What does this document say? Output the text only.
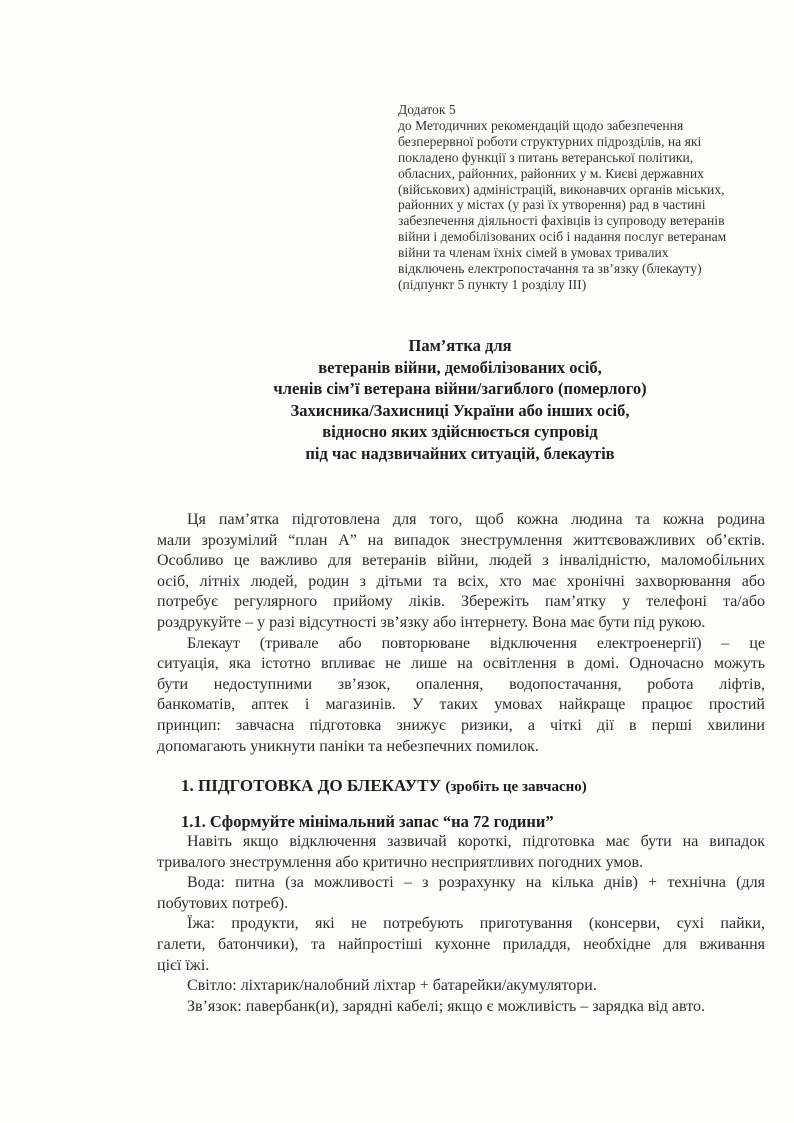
Додаток 5
до Методичних рекомендацій щодо забезпечення
безперервної роботи структурних підрозділів, на які
покладено функції з питань ветеранської політики,
обласних, районних, районних у м. Києві державних
(військових) адміністрацій, виконавчих органів міських,
районних у містах (у разі їх утворення) рад в частині
забезпечення діяльності фахівців із супроводу ветеранів
війни і демобілізованих осіб і надання послуг ветеранам
війни та членам їхніх сімей в умовах тривалих
відключень електропостачання та зв’язку (блекауту)
(підпункт 5 пункту 1 розділу ІІІ)
Пам’ятка для
ветеранів війни, демобілізованих осіб,
членів сім’ї ветерана війни/загиблого (померлого)
Захисника/Захисниці України або інших осіб,
відносно яких здійснюється супровід
під час надзвичайних ситуацій, блекаутів
Ця пам’ятка підготовлена для того, щоб кожна людина та кожна родина
мали зрозумілий “план А” на випадок знеструмлення життєвоважливих об’єктів.
Особливо це важливо для ветеранів війни, людей з інвалідністю, маломобільних
осіб, літніх людей, родин з дітьми та всіх, хто має хронічні захворювання або
потребує регулярного прийому ліків. Збережіть пам’ятку у телефоні та/або
роздрукуйте – у разі відсутності зв’язку або інтернету. Вона має бути під рукою.
Блекаут (тривале або повторюване відключення електроенергії) – це
ситуація, яка істотно впливає не лише на освітлення в домі. Одночасно можуть
бути недоступними зв’язок, опалення, водопостачання, робота ліфтів,
банкоматів, аптек і магазинів. У таких умовах найкраще працює простий
принцип: завчасна підготовка знижує ризики, а чіткі дії в перші хвилини
допомагають уникнути паніки та небезпечних помилок.
1. ПІДГОТОВКА ДО БЛЕКАУТУ (зробіть це завчасно)
1.1. Сформуйте мінімальний запас “на 72 години”
Навіть якщо відключення зазвичай короткі, підготовка має бути на випадок
тривалого знеструмлення або критично несприятливих погодних умов.
Вода: питна (за можливості – з розрахунку на кілька днів) + технічна (для
побутових потреб).
Їжа: продукти, які не потребують приготування (консерви, сухі пайки,
галети, батончики), та найпростіші кухонне приладдя, необхідне для вживання
цієї їжі.
Світло: ліхтарик/налобний ліхтар + батарейки/акумулятори.
Зв’язок: павербанк(и), зарядні кабелі; якщо є можливість – зарядка від авто.
